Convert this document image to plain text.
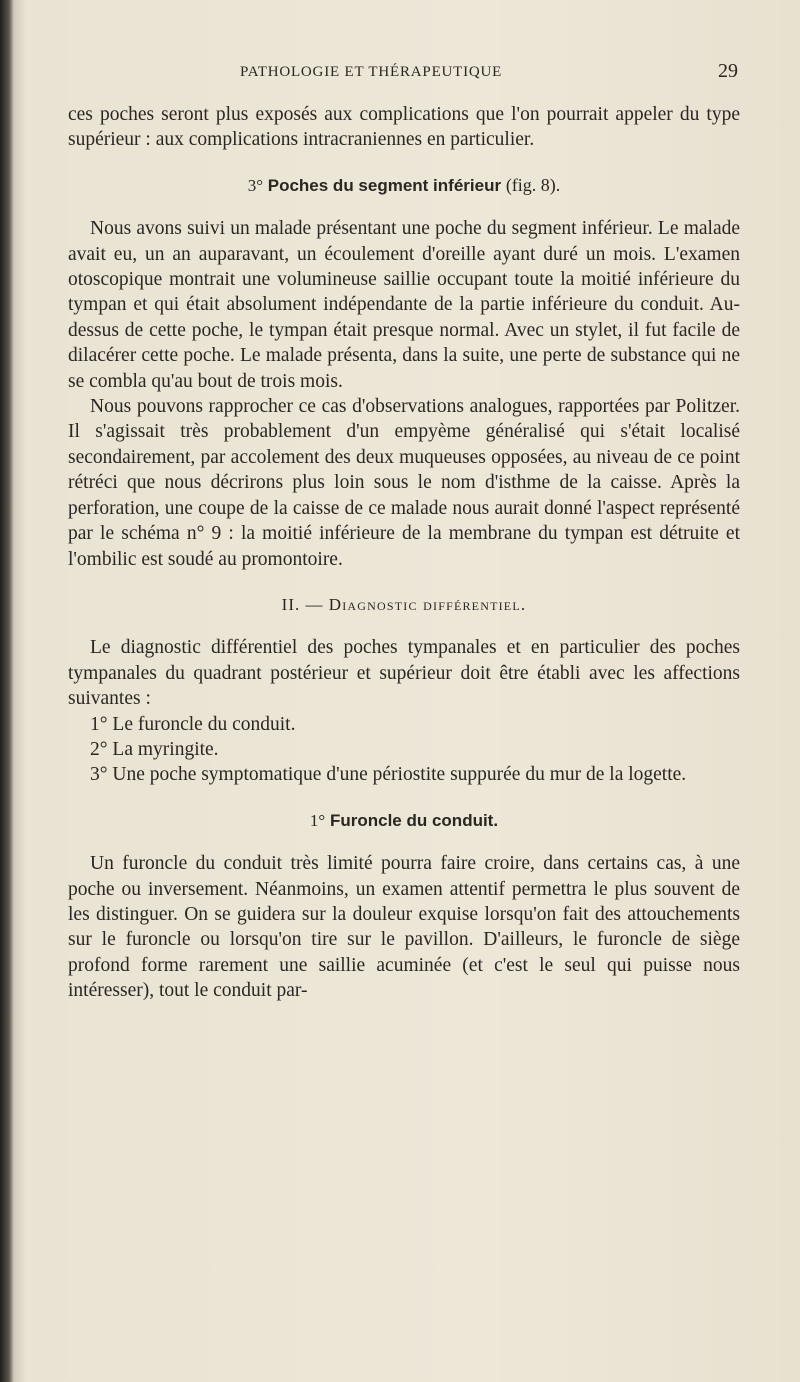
PATHOLOGIE ET THÉRAPEUTIQUE	29

ces poches seront plus exposés aux complications que l'on pourrait appeler du type supérieur : aux complications intracraniennes en particulier.

3° Poches du segment inférieur (fig. 8).

Nous avons suivi un malade présentant une poche du segment inférieur. Le malade avait eu, un an auparavant, un écoulement d'oreille ayant duré un mois. L'examen otoscopique montrait une volumineuse saillie occupant toute la moitié inférieure du tympan et qui était absolument indépendante de la partie inférieure du conduit. Au-dessus de cette poche, le tympan était presque normal. Avec un stylet, il fut facile de dilacérer cette poche. Le malade présenta, dans la suite, une perte de substance qui ne se combla qu'au bout de trois mois.

Nous pouvons rapprocher ce cas d'observations analogues, rapportées par Politzer. Il s'agissait très probablement d'un empyème généralisé qui s'était localisé secondairement, par accolement des deux muqueuses opposées, au niveau de ce point rétréci que nous décrirons plus loin sous le nom d'isthme de la caisse. Après la perforation, une coupe de la caisse de ce malade nous aurait donné l'aspect représenté par le schéma n° 9 : la moitié inférieure de la membrane du tympan est détruite et l'ombilic est soudé au promontoire.

II. — Diagnostic différentiel.

Le diagnostic différentiel des poches tympanales et en particulier des poches tympanales du quadrant postérieur et supérieur doit être établi avec les affections suivantes :

1° Le furoncle du conduit.

2° La myringite.

3° Une poche symptomatique d'une périostite suppurée du mur de la logette.

1° Furoncle du conduit.

Un furoncle du conduit très limité pourra faire croire, dans certains cas, à une poche ou inversement. Néanmoins, un examen attentif permettra le plus souvent de les distinguer. On se guidera sur la douleur exquise lorsqu'on fait des attouchements sur le furoncle ou lorsqu'on tire sur le pavillon. D'ailleurs, le furoncle de siège profond forme rarement une saillie acuminée (et c'est le seul qui puisse nous intéresser), tout le conduit par-
